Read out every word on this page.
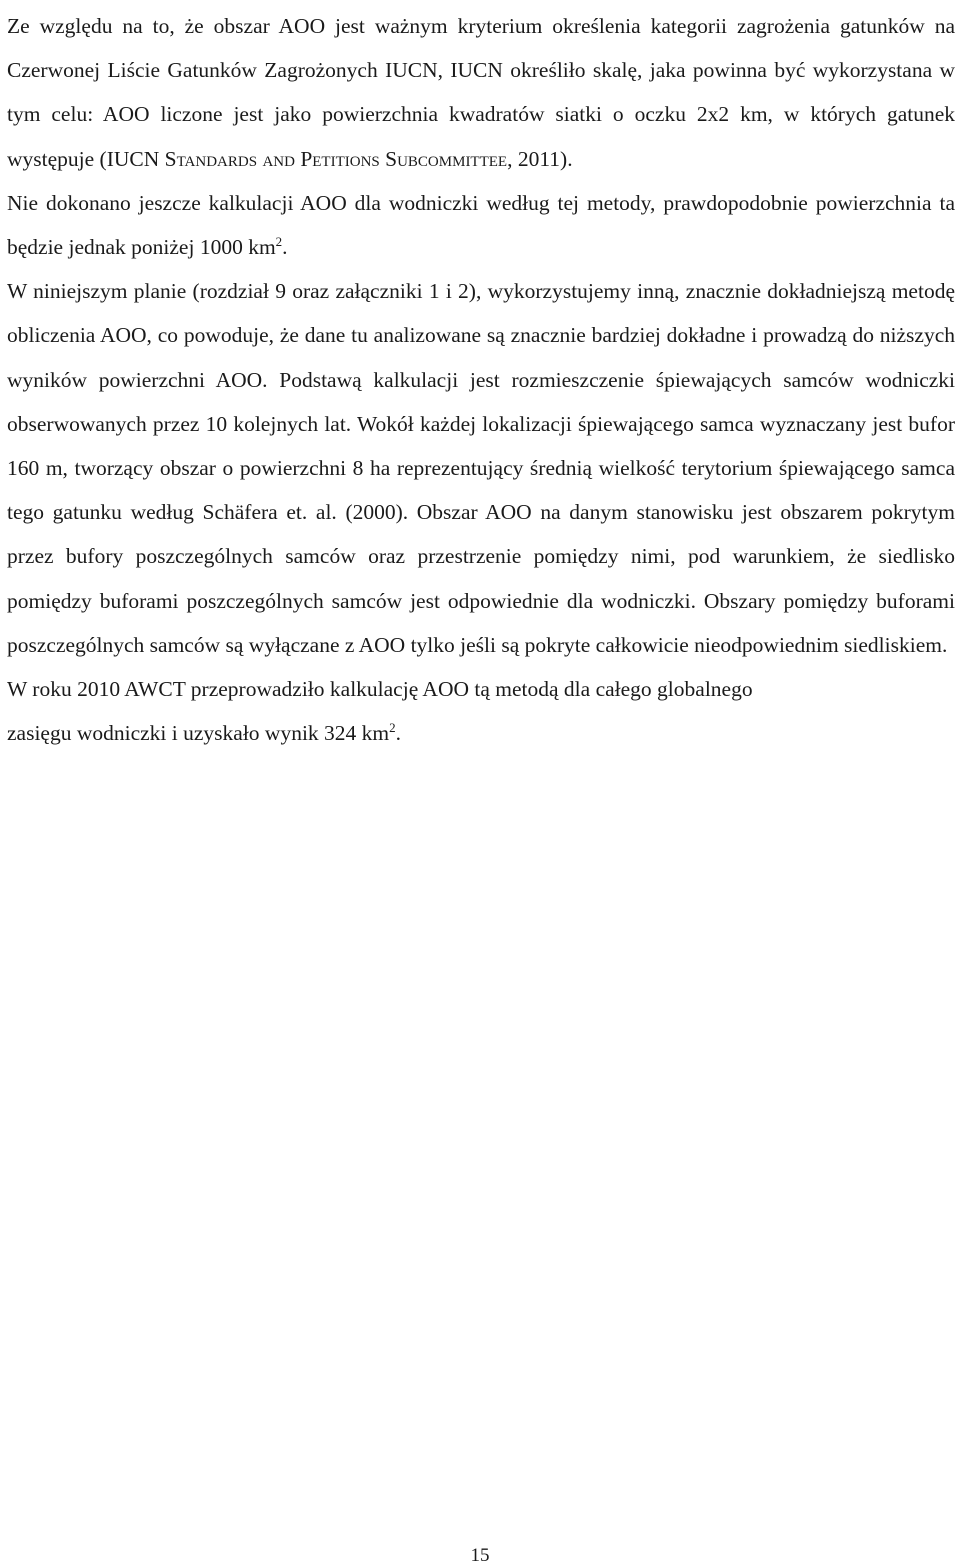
Ze względu na to, że obszar AOO jest ważnym kryterium określenia kategorii zagrożenia gatunków na Czerwonej Liście Gatunków Zagrożonych IUCN, IUCN określiło skalę, jaka powinna być wykorzystana w tym celu: AOO liczone jest jako powierzchnia kwadratów siatki o oczku 2x2 km, w których gatunek występuje (IUCN Standards and Petitions Subcommittee, 2011).

Nie dokonano jeszcze kalkulacji AOO dla wodniczki według tej metody, prawdopodobnie powierzchnia ta będzie jednak poniżej 1000 $km^2$.

W niniejszym planie (rozdział 9 oraz załączniki 1 i 2), wykorzystujemy inną, znacznie dokładniejszą metodę obliczenia AOO, co powoduje, że dane tu analizowane są znacznie bardziej dokładne i prowadzą do niższych wyników powierzchni AOO. Podstawą kalkulacji jest rozmieszczenie śpiewających samców wodniczki obserwowanych przez 10 kolejnych lat. Wokół każdej lokalizacji śpiewającego samca wyznaczany jest bufor 160 m, tworzący obszar o powierzchni 8 ha reprezentujący średnią wielkość terytorium śpiewającego samca tego gatunku według Schäfera et. al. (2000). Obszar AOO na danym stanowisku jest obszarem pokrytym przez bufory poszczególnych samców oraz przestrzenie pomiędzy nimi, pod warunkiem, że siedlisko pomiędzy buforami poszczególnych samców jest odpowiednie dla wodniczki. Obszary pomiędzy buforami poszczególnych samców są wyłączane z AOO tylko jeśli są pokryte całkowicie nieodpowiednim siedliskiem.

W roku 2010 AWCT przeprowadziło kalkulację AOO tą metodą dla całego globalnego
zasięgu wodniczki i uzyskało wynik 324 $km^2$.

15
